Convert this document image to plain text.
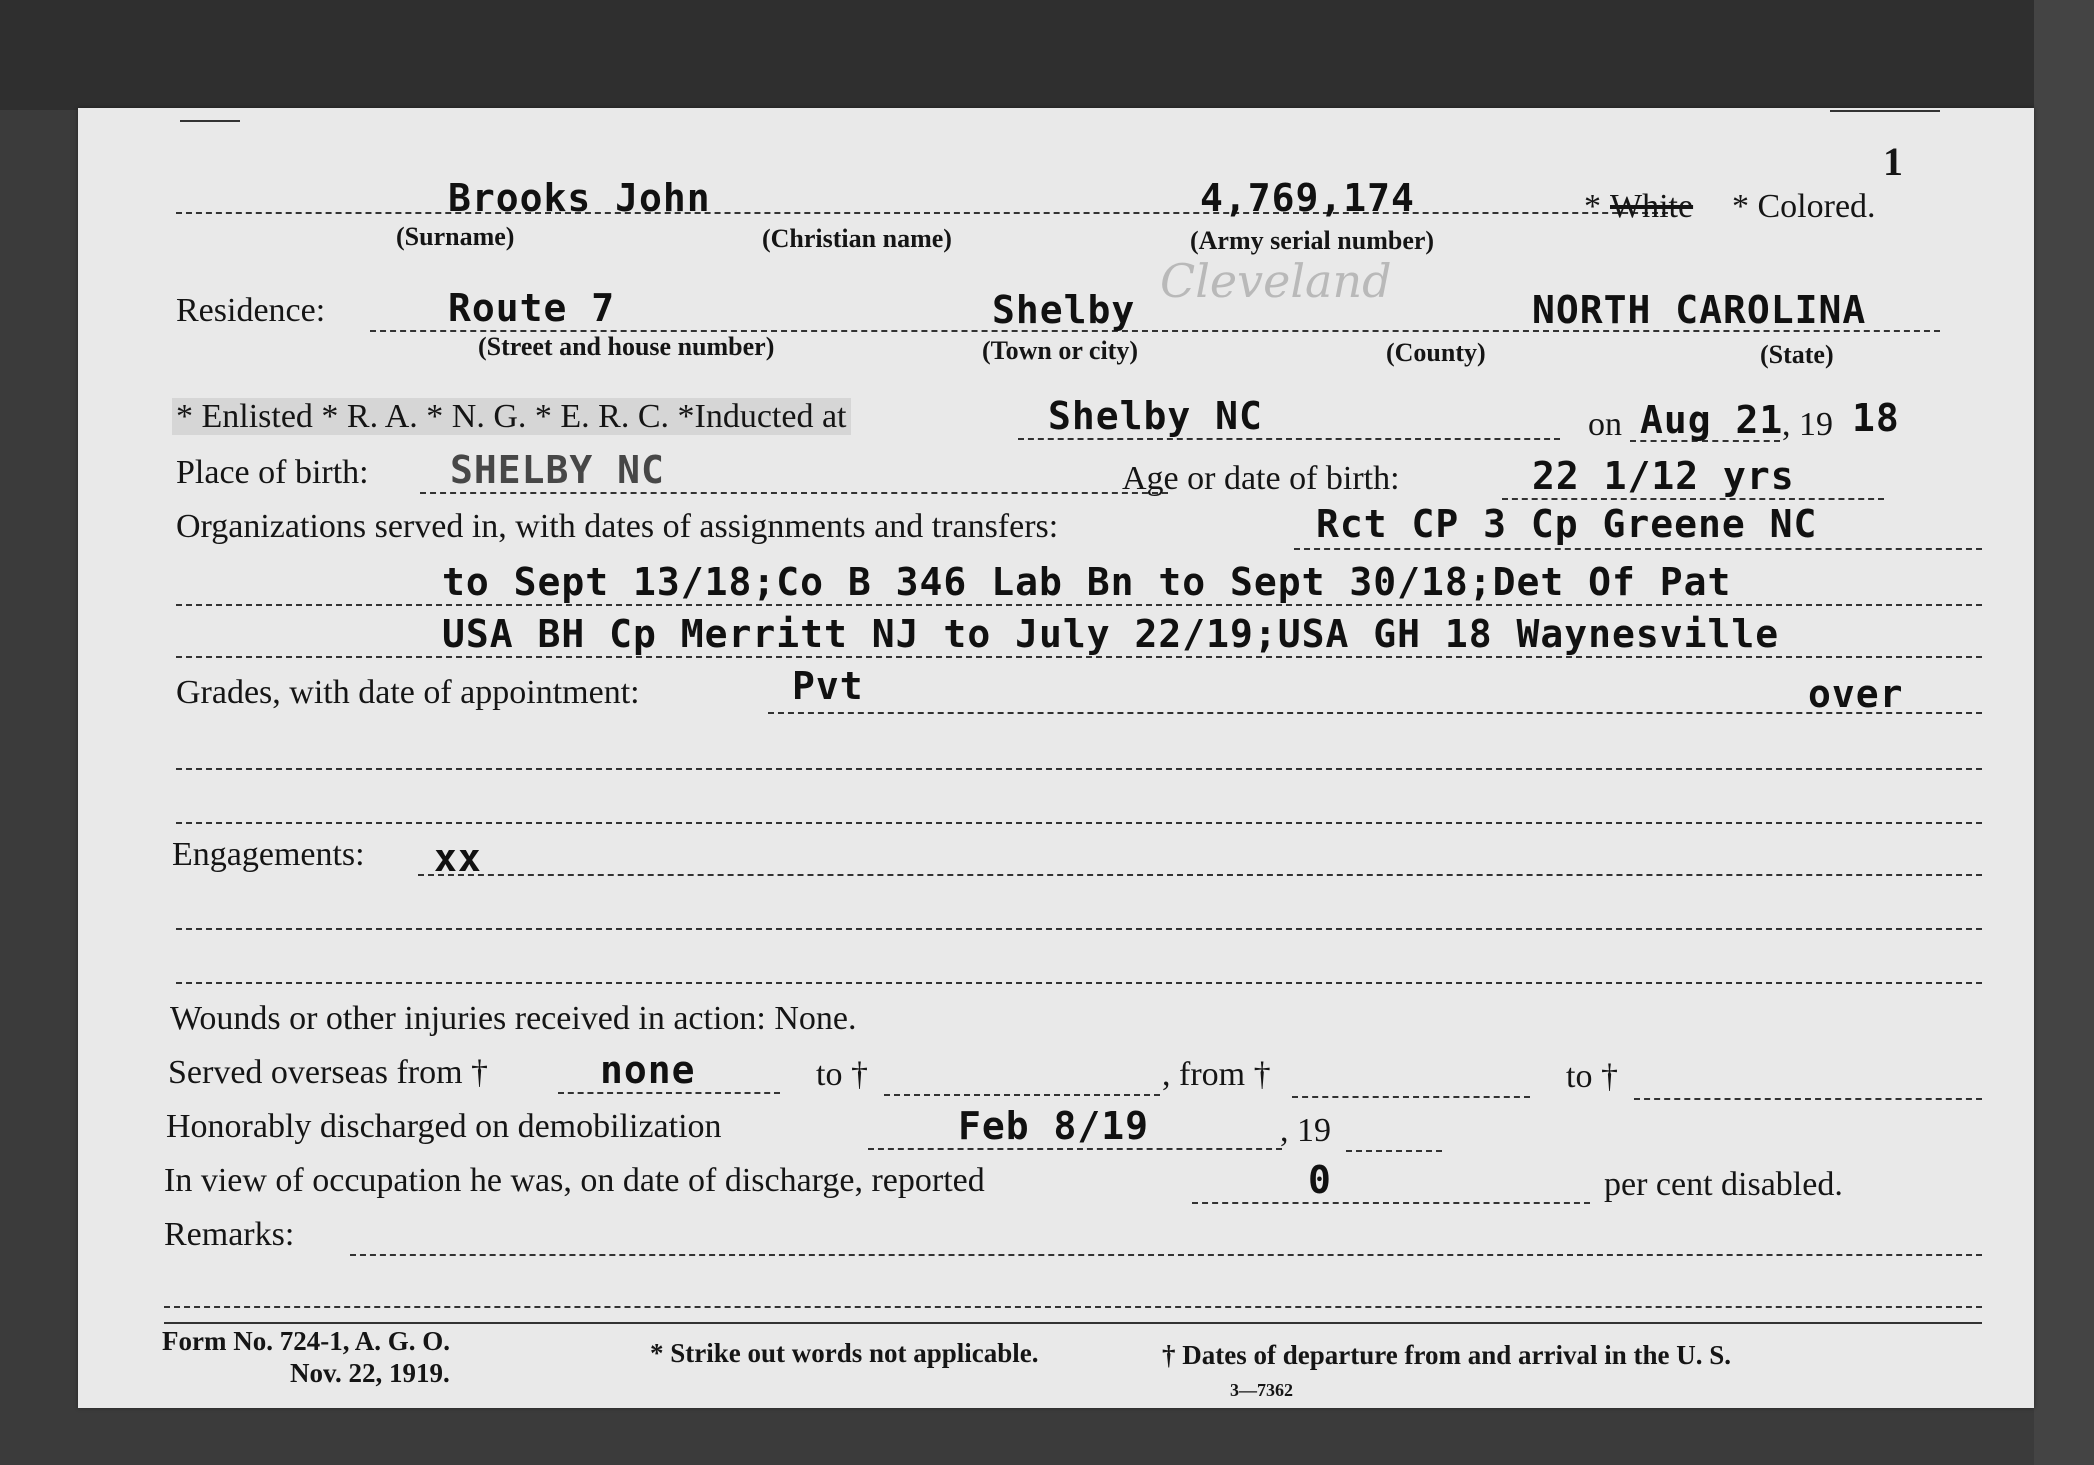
1
Brooks John	4,769,174	* White * Colored.
(Surname)	(Christian name)	(Army serial number)
Residence:	Route 7	Shelby
Cleveland
NORTH CAROLINA
(Street and house number)	(Town or city)	(County)	(State)
* Enlisted * R. A. * N. G. * E. R. C. *Inducted at	Shelby NC	on Aug 21
, 19 18
Place of birth: SHELBY NC	Age or date of birth:	22 1/12 yrs
Organizations served in, with dates of assignments and transfers:	Rct CP 3 Cp Greene NC
to Sept 13/18;Co B 346 Lab Bn to Sept 30/18;Det Of Pat
USA BH Cp Merritt NJ to July 22/19;USA GH 18 Waynesville
Grades, with date of appointment:	Pvt	over
Engagements: xx
Wounds or other injuries received in action: None.
Served overseas from †	none	to †	, from †	to †
Honorably discharged on demobilization	Feb 8/19	, 19
In view of occupation he was, on date of discharge, reported	0	per cent disabled.
Remarks:
Form No. 724-1, A. G. O.
Nov. 22, 1919.
* Strike out words not applicable.	† Dates of departure from and arrival in the U. S.
3—7362
